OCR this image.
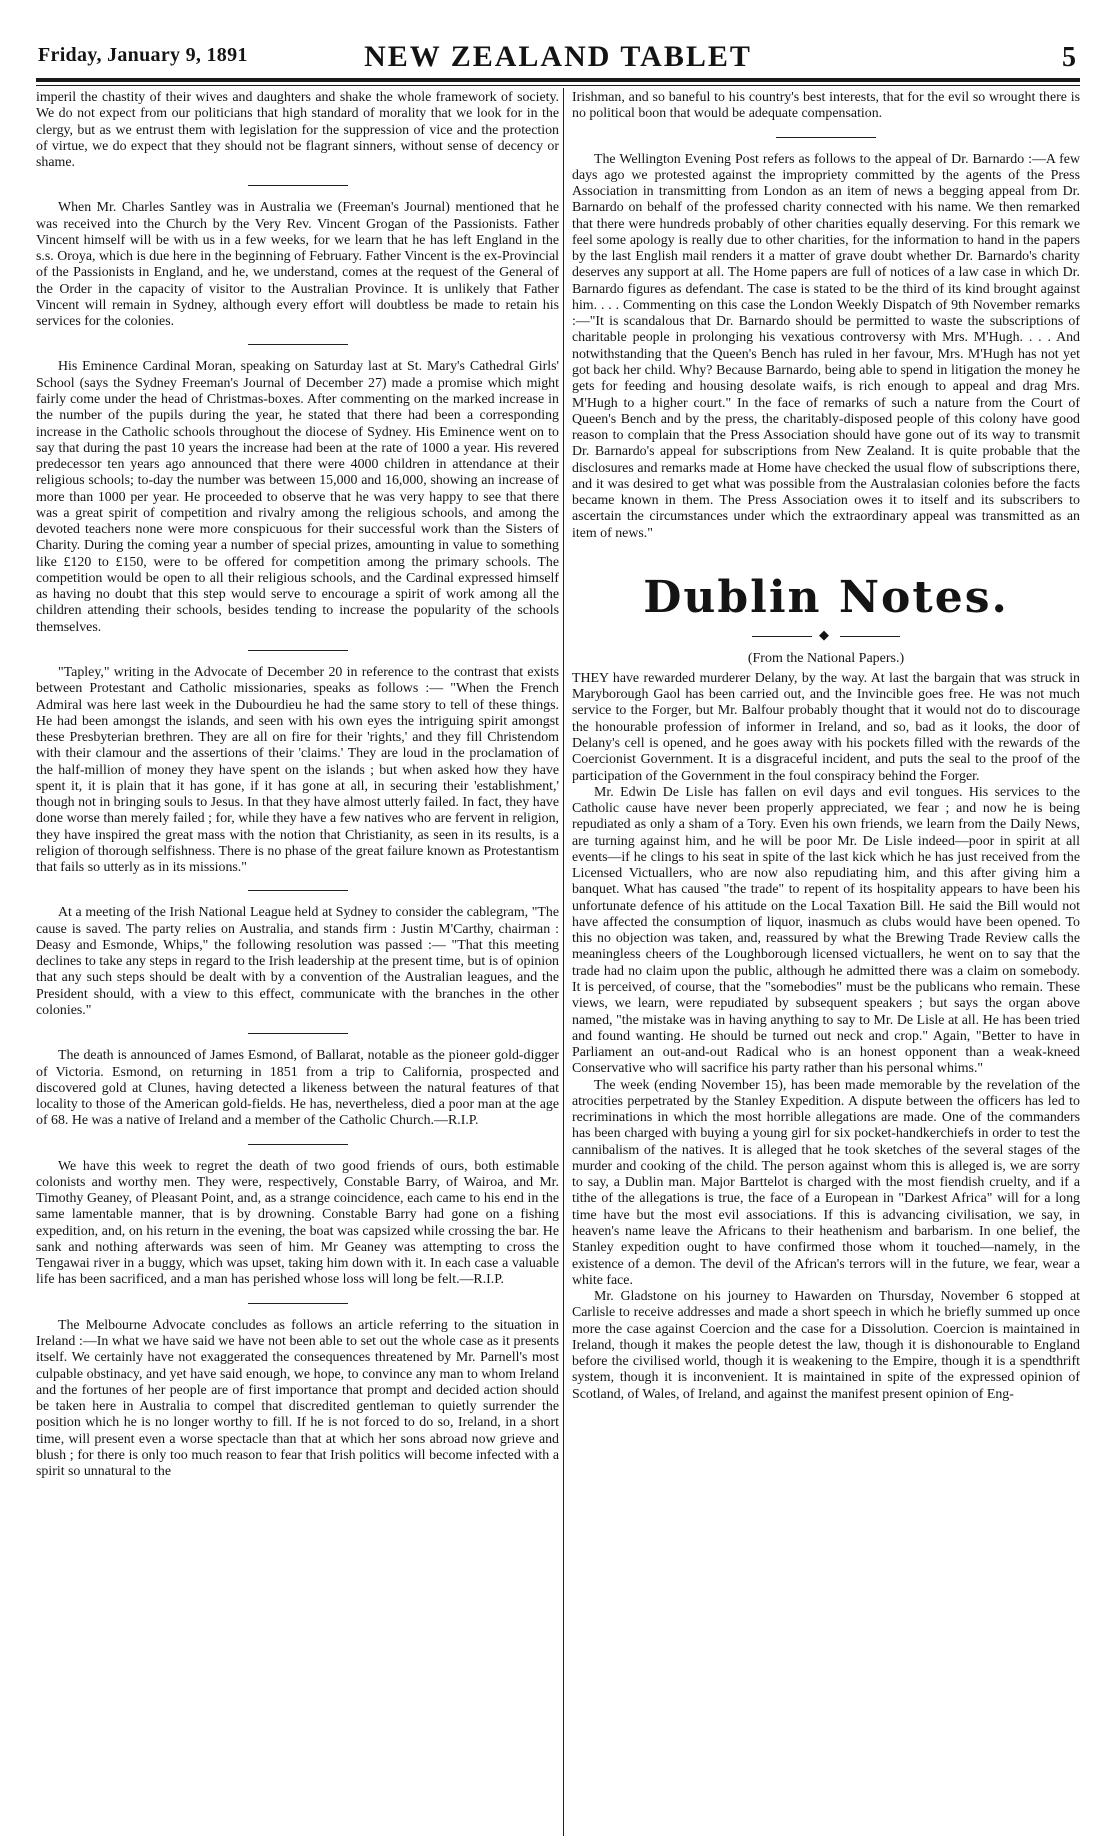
Friday, January 9, 1891	NEW ZEALAND TABLET	5

imperil the chastity of their wives and daughters and shake the whole framework of society. We do not expect from our politicians that high standard of morality that we look for in the clergy, but as we entrust them with legislation for the suppression of vice and the protection of virtue, we do expect that they should not be flagrant sinners, without sense of decency or shame.

When Mr. Charles Santley was in Australia we (Freeman's Journal) mentioned that he was received into the Church by the Very Rev. Vincent Grogan of the Passionists. Father Vincent himself will be with us in a few weeks, for we learn that he has left England in the s.s. Oroya, which is due here in the beginning of February. Father Vincent is the ex-Provincial of the Passionists in England, and he, we understand, comes at the request of the General of the Order in the capacity of visitor to the Australian Province. It is unlikely that Father Vincent will remain in Sydney, although every effort will doubtless be made to retain his services for the colonies.

His Eminence Cardinal Moran, speaking on Saturday last at St. Mary's Cathedral Girls' School (says the Sydney Freeman's Journal of December 27) made a promise which might fairly come under the head of Christmas-boxes. After commenting on the marked increase in the number of the pupils during the year, he stated that there had been a corresponding increase in the Catholic schools throughout the diocese of Sydney. His Eminence went on to say that during the past 10 years the increase had been at the rate of 1000 a year. His revered predecessor ten years ago announced that there were 4000 children in attendance at their religious schools; to-day the number was between 15,000 and 16,000, showing an increase of more than 1000 per year. He proceeded to observe that he was very happy to see that there was a great spirit of competition and rivalry among the religious schools, and among the devoted teachers none were more conspicuous for their successful work than the Sisters of Charity. During the coming year a number of special prizes, amounting in value to something like £120 to £150, were to be offered for competition among the primary schools. The competition would be open to all their religious schools, and the Cardinal expressed himself as having no doubt that this step would serve to encourage a spirit of work among all the children attending their schools, besides tending to increase the popularity of the schools themselves.

"Tapley," writing in the Advocate of December 20 in reference to the contrast that exists between Protestant and Catholic missionaries, speaks as follows :— "When the French Admiral was here last week in the Dubourdieu he had the same story to tell of these things. He had been amongst the islands, and seen with his own eyes the intriguing spirit amongst these Presbyterian brethren. They are all on fire for their 'rights,' and they fill Christendom with their clamour and the assertions of their 'claims.' They are loud in the proclamation of the half-million of money they have spent on the islands ; but when asked how they have spent it, it is plain that it has gone, if it has gone at all, in securing their 'establishment,' though not in bringing souls to Jesus. In that they have almost utterly failed. In fact, they have done worse than merely failed ; for, while they have a few natives who are fervent in religion, they have inspired the great mass with the notion that Christianity, as seen in its results, is a religion of thorough selfishness. There is no phase of the great failure known as Protestantism that fails so utterly as in its missions."

At a meeting of the Irish National League held at Sydney to consider the cablegram, "The cause is saved. The party relies on Australia, and stands firm : Justin M'Carthy, chairman : Deasy and Esmonde, Whips," the following resolution was passed :— "That this meeting declines to take any steps in regard to the Irish leadership at the present time, but is of opinion that any such steps should be dealt with by a convention of the Australian leagues, and the President should, with a view to this effect, communicate with the branches in the other colonies."

The death is announced of James Esmond, of Ballarat, notable as the pioneer gold-digger of Victoria. Esmond, on returning in 1851 from a trip to California, prospected and discovered gold at Clunes, having detected a likeness between the natural features of that locality to those of the American gold-fields. He has, nevertheless, died a poor man at the age of 68. He was a native of Ireland and a member of the Catholic Church.—R.I.P.

We have this week to regret the death of two good friends of ours, both estimable colonists and worthy men. They were, respectively, Constable Barry, of Wairoa, and Mr. Timothy Geaney, of Pleasant Point, and, as a strange coincidence, each came to his end in the same lamentable manner, that is by drowning. Constable Barry had gone on a fishing expedition, and, on his return in the evening, the boat was capsized while crossing the bar. He sank and nothing afterwards was seen of him. Mr Geaney was attempting to cross the Tengawai river in a buggy, which was upset, taking him down with it. In each case a valuable life has been sacrificed, and a man has perished whose loss will long be felt.—R.I.P.

The Melbourne Advocate concludes as follows an article referring to the situation in Ireland :—In what we have said we have not been able to set out the whole case as it presents itself. We certainly have not exaggerated the consequences threatened by Mr. Parnell's most culpable obstinacy, and yet have said enough, we hope, to convince any man to whom Ireland and the fortunes of her people are of first importance that prompt and decided action should be taken here in Australia to compel that discredited gentleman to quietly surrender the position which he is no longer worthy to fill. If he is not forced to do so, Ireland, in a short time, will present even a worse spectacle than that at which her sons abroad now grieve and blush ; for there is only too much reason to fear that Irish politics will become infected with a spirit so unnatural to the

Irishman, and so baneful to his country's best interests, that for the evil so wrought there is no political boon that would be adequate compensation.

The Wellington Evening Post refers as follows to the appeal of Dr. Barnardo :—A few days ago we protested against the impropriety committed by the agents of the Press Association in transmitting from London as an item of news a begging appeal from Dr. Barnardo on behalf of the professed charity connected with his name. We then remarked that there were hundreds probably of other charities equally deserving. For this remark we feel some apology is really due to other charities, for the information to hand in the papers by the last English mail renders it a matter of grave doubt whether Dr. Barnardo's charity deserves any support at all. The Home papers are full of notices of a law case in which Dr. Barnardo figures as defendant. The case is stated to be the third of its kind brought against him. . . . Commenting on this case the London Weekly Dispatch of 9th November remarks :—"It is scandalous that Dr. Barnardo should be permitted to waste the subscriptions of charitable people in prolonging his vexatious controversy with Mrs. M'Hugh. . . . And notwithstanding that the Queen's Bench has ruled in her favour, Mrs. M'Hugh has not yet got back her child. Why? Because Barnardo, being able to spend in litigation the money he gets for feeding and housing desolate waifs, is rich enough to appeal and drag Mrs. M'Hugh to a higher court." In the face of remarks of such a nature from the Court of Queen's Bench and by the press, the charitably-disposed people of this colony have good reason to complain that the Press Association should have gone out of its way to transmit Dr. Barnardo's appeal for subscriptions from New Zealand. It is quite probable that the disclosures and remarks made at Home have checked the usual flow of subscriptions there, and it was desired to get what was possible from the Australasian colonies before the facts became known in them. The Press Association owes it to itself and its subscribers to ascertain the circumstances under which the extraordinary appeal was transmitted as an item of news."

Dublin Notes.
◆
(From the National Papers.)

THEY have rewarded murderer Delany, by the way. At last the bargain that was struck in Maryborough Gaol has been carried out, and the Invincible goes free. He was not much service to the Forger, but Mr. Balfour probably thought that it would not do to discourage the honourable profession of informer in Ireland, and so, bad as it looks, the door of Delany's cell is opened, and he goes away with his pockets filled with the rewards of the Coercionist Government. It is a disgraceful incident, and puts the seal to the proof of the participation of the Government in the foul conspiracy behind the Forger.

Mr. Edwin De Lisle has fallen on evil days and evil tongues. His services to the Catholic cause have never been properly appreciated, we fear ; and now he is being repudiated as only a sham of a Tory. Even his own friends, we learn from the Daily News, are turning against him, and he will be poor Mr. De Lisle indeed—poor in spirit at all events—if he clings to his seat in spite of the last kick which he has just received from the Licensed Victuallers, who are now also repudiating him, and this after giving him a banquet. What has caused "the trade" to repent of its hospitality appears to have been his unfortunate defence of his attitude on the Local Taxation Bill. He said the Bill would not have affected the consumption of liquor, inasmuch as clubs would have been opened. To this no objection was taken, and, reassured by what the Brewing Trade Review calls the meaningless cheers of the Loughborough licensed victuallers, he went on to say that the trade had no claim upon the public, although he admitted there was a claim on somebody. It is perceived, of course, that the "somebodies" must be the publicans who remain. These views, we learn, were repudiated by subsequent speakers ; but says the organ above named, "the mistake was in having anything to say to Mr. De Lisle at all. He has been tried and found wanting. He should be turned out neck and crop." Again, "Better to have in Parliament an out-and-out Radical who is an honest opponent than a weak-kneed Conservative who will sacrifice his party rather than his personal whims."

The week (ending November 15), has been made memorable by the revelation of the atrocities perpetrated by the Stanley Expedition. A dispute between the officers has led to recriminations in which the most horrible allegations are made. One of the commanders has been charged with buying a young girl for six pocket-handkerchiefs in order to test the cannibalism of the natives. It is alleged that he took sketches of the several stages of the murder and cooking of the child. The person against whom this is alleged is, we are sorry to say, a Dublin man. Major Barttelot is charged with the most fiendish cruelty, and if a tithe of the allegations is true, the face of a European in "Darkest Africa" will for a long time have but the most evil associations. If this is advancing civilisation, we say, in heaven's name leave the Africans to their heathenism and barbarism. In one belief, the Stanley expedition ought to have confirmed those whom it touched—namely, in the existence of a demon. The devil of the African's terrors will in the future, we fear, wear a white face.

Mr. Gladstone on his journey to Hawarden on Thursday, November 6 stopped at Carlisle to receive addresses and made a short speech in which he briefly summed up once more the case against Coercion and the case for a Dissolution. Coercion is maintained in Ireland, though it makes the people detest the law, though it is dishonourable to England before the civilised world, though it is weakening to the Empire, though it is a spendthrift system, though it is inconvenient. It is maintained in spite of the expressed opinion of Scotland, of Wales, of Ireland, and against the manifest present opinion of Eng-
